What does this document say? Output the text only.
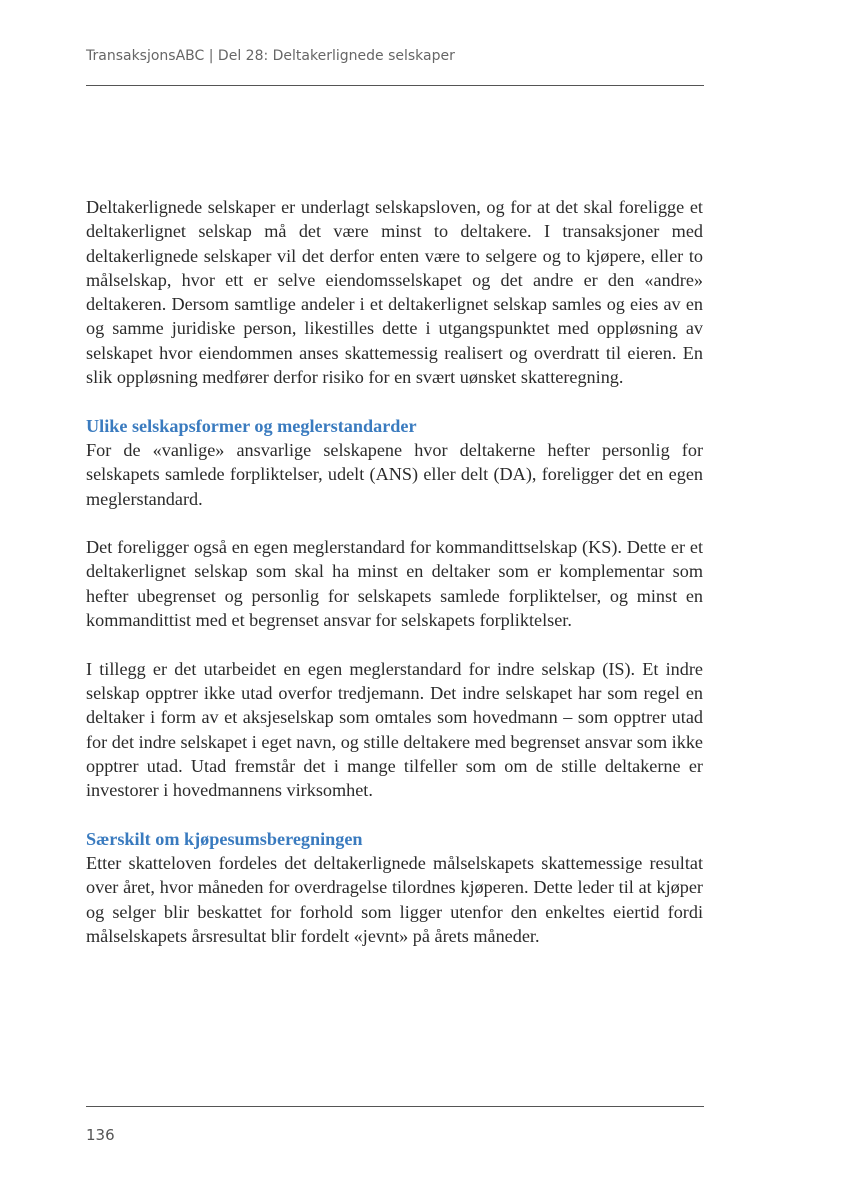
TransaksjonsABC | Del 28: Deltakerlignede selskaper

Deltakerlignede selskaper er underlagt selskapsloven, og for at det skal foreligge et deltakerlignet selskap må det være minst to deltakere. I transaksjoner med deltakerlignede selskaper vil det derfor enten være to selgere og to kjøpere, eller to målselskap, hvor ett er selve eiendomsselskapet og det andre er den «andre» deltakeren. Dersom samtlige andeler i et deltakerlignet selskap samles og eies av en og samme juridiske person, likestilles dette i utgangspunktet med oppløsning av selskapet hvor eiendommen anses skattemessig realisert og overdratt til eieren. En slik oppløsning medfører derfor risiko for en svært uønsket skatteregning.

Ulike selskapsformer og meglerstandarder

For de «vanlige» ansvarlige selskapene hvor deltakerne hefter personlig for selskapets samlede forpliktelser, udelt (ANS) eller delt (DA), foreligger det en egen meglerstandard.

Det foreligger også en egen meglerstandard for kommandittselskap (KS). Dette er et deltakerlignet selskap som skal ha minst en deltaker som er komplementar som hefter ubegrenset og personlig for selskapets samlede forpliktelser, og minst en kommandittist med et begrenset ansvar for selskapets forpliktelser.

I tillegg er det utarbeidet en egen meglerstandard for indre selskap (IS). Et indre selskap opptrer ikke utad overfor tredjemann. Det indre selskapet har som regel en deltaker i form av et aksjeselskap som omtales som hovedmann – som opptrer utad for det indre selskapet i eget navn, og stille deltakere med begrenset ansvar som ikke opptrer utad. Utad fremstår det i mange tilfeller som om de stille deltakerne er investorer i hovedmannens virksomhet.

Særskilt om kjøpesumsberegningen

Etter skatteloven fordeles det deltakerlignede målselskapets skattemessige resultat over året, hvor måneden for overdragelse tilordnes kjøperen. Dette leder til at kjøper og selger blir beskattet for forhold som ligger utenfor den enkeltes eiertid fordi målselskapets årsresultat blir fordelt «jevnt» på årets måneder.

136
